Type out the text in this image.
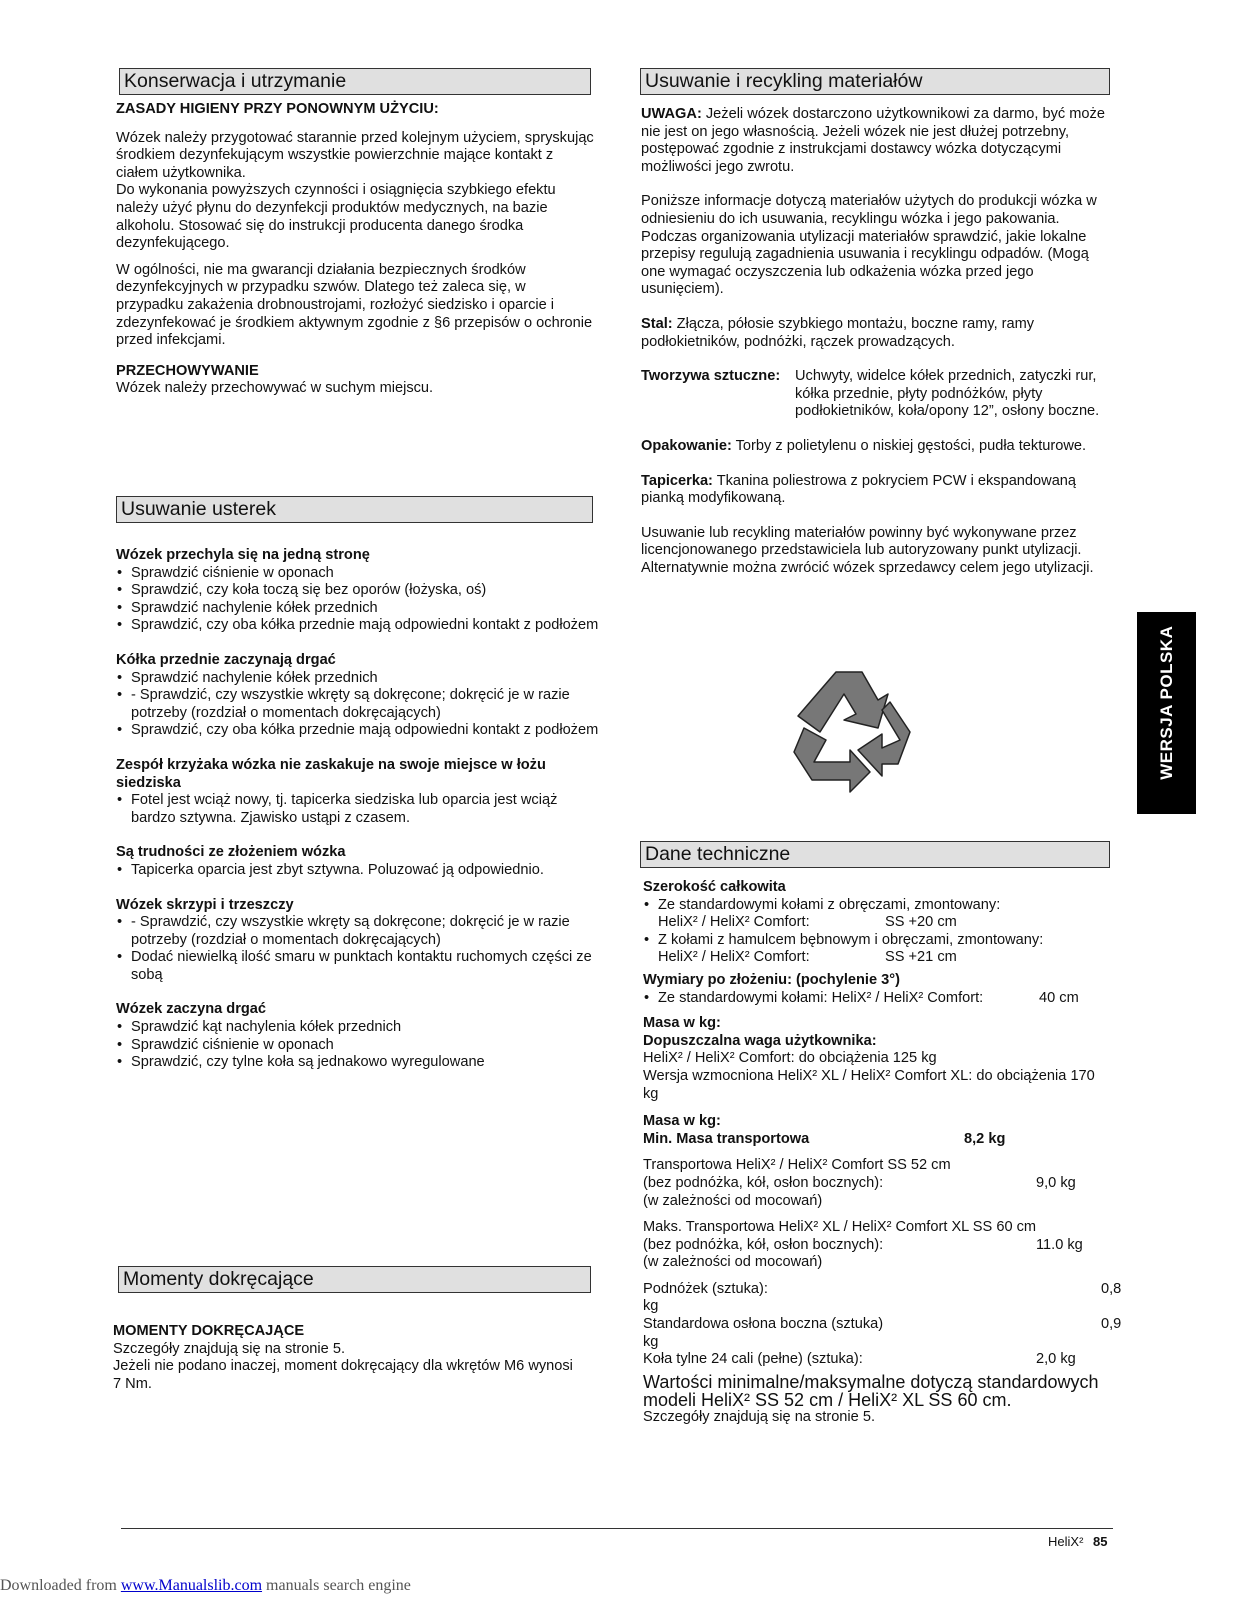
Konserwacja i utrzymanie

ZASADY HIGIENY PRZY PONOWNYM UŻYCIU:

Wózek należy przygotować starannie przed kolejnym użyciem, spryskując środkiem dezynfekującym wszystkie powierzchnie mające kontakt z ciałem użytkownika.

Do wykonania powyższych czynności i osiągnięcia szybkiego efektu należy użyć płynu do dezynfekcji produktów medycznych, na bazie alkoholu. Stosować się do instrukcji producenta danego środka dezynfekującego.

W ogólności, nie ma gwarancji działania bezpiecznych środków dezynfekcyjnych w przypadku szwów. Dlatego też zaleca się, w przypadku zakażenia drobnoustrojami, rozłożyć siedzisko i oparcie i zdezynfekować je środkiem aktywnym zgodnie z §6 przepisów o ochronie przed infekcjami.

PRZECHOWYWANIE

Wózek należy przechowywać w suchym miejscu.

Usuwanie usterek

Wózek przechyla się na jedną stronę

• Sprawdzić ciśnienie w oponach
• Sprawdzić, czy koła toczą się bez oporów (łożyska, oś)
• Sprawdzić nachylenie kółek przednich
• Sprawdzić, czy oba kółka przednie mają odpowiedni kontakt z podłożem

Kółka przednie zaczynają drgać

• Sprawdzić nachylenie kółek przednich
• - Sprawdzić, czy wszystkie wkręty są dokręcone; dokręcić je w razie potrzeby (rozdział o momentach dokręcających)
• Sprawdzić, czy oba kółka przednie mają odpowiedni kontakt z podłożem

Zespół krzyżaka wózka nie zaskakuje na swoje miejsce w łożu siedziska

• Fotel jest wciąż nowy, tj. tapicerka siedziska lub oparcia jest wciąż bardzo sztywna. Zjawisko ustąpi z czasem.

Są trudności ze złożeniem wózka

• Tapicerka oparcia jest zbyt sztywna. Poluzować ją odpowiednio.

Wózek skrzypi i trzeszczy

• - Sprawdzić, czy wszystkie wkręty są dokręcone; dokręcić je w razie potrzeby (rozdział o momentach dokręcających)
• Dodać niewielką ilość smaru w punktach kontaktu ruchomych części ze sobą

Wózek zaczyna drgać

• Sprawdzić kąt nachylenia kółek przednich
• Sprawdzić ciśnienie w oponach
• Sprawdzić, czy tylne koła są jednakowo wyregulowane
Momenty dokręcające

MOMENTY DOKRĘCAJĄCE

Szczegóły znajdują się na stronie 5.

Jeżeli nie podano inaczej, moment dokręcający dla wkrętów M6 wynosi 7 Nm.

Usuwanie i recykling materiałów

UWAGA: Jeżeli wózek dostarczono użytkownikowi za darmo, być może nie jest on jego własnością. Jeżeli wózek nie jest dłużej potrzebny, postępować zgodnie z instrukcjami dostawcy wózka dotyczącymi możliwości jego zwrotu.

Poniższe informacje dotyczą materiałów użytych do produkcji wózka w odniesieniu do ich usuwania, recyklingu wózka i jego pakowania. Podczas organizowania utylizacji materiałów sprawdzić, jakie lokalne przepisy regulują zagadnienia usuwania i recyklingu odpadów. (Mogą one wymagać oczyszczenia lub odkażenia wózka przed jego usunięciem).

Stal: Złącza, półosie szybkiego montażu, boczne ramy, ramy podłokietników, podnóżki, rączek prowadzących.

Tworzywa sztuczne:	Uchwyty, widelce kółek przednich, zatyczki rur, kółka przednie, płyty podnóżków, płyty podłokietników, koła/opony 12”, osłony boczne.

Opakowanie: Torby z polietylenu o niskiej gęstości, pudła tekturowe.

Tapicerka: Tkanina poliestrowa z pokryciem PCW i ekspandowaną pianką modyfikowaną.

Usuwanie lub recykling materiałów powinny być wykonywane przez licencjonowanego przedstawiciela lub autoryzowany punkt utylizacji. Alternatywnie można zwrócić wózek sprzedawcy celem jego utylizacji.

Dane techniczne

Szerokość całkowita

• Ze standardowymi kołami z obręczami, zmontowany:

HeliX² / HeliX² Comfort:	SS +20 cm
• Z kołami z hamulcem bębnowym i obręczami, zmontowany:

HeliX² / HeliX² Comfort:	SS +21 cm

Wymiary po złożeniu: (pochylenie 3°)

• Ze standardowymi kołami: HeliX² / HeliX² Comfort:	40 cm

Masa w kg:

Dopuszczalna waga użytkownika:

HeliX² / HeliX² Comfort: do obciążenia 125 kg

Wersja wzmocniona HeliX² XL / HeliX² Comfort XL: do obciążenia 170 kg

Masa w kg:

Min. Masa transportowa	8,2 kg

Transportowa HeliX² / HeliX² Comfort SS 52 cm

(bez podnóżka, kół, osłon bocznych):	9,0 kg

(w zależności od mocowań)

Maks. Transportowa HeliX² XL / HeliX² Comfort XL SS 60 cm

(bez podnóżka, kół, osłon bocznych):	11.0 kg

(w zależności od mocowań)

Podnóżek (sztuka):	0,8

kg

Standardowa osłona boczna (sztuka)	0,9

kg

Koła tylne 24 cali (pełne) (sztuka):	2,0 kg

Wartości minimalne/maksymalne dotyczą standardowych modeli HeliX² SS 52 cm / HeliX² XL SS 60 cm.

Szczegóły znajdują się na stronie 5.

WERSJA POLSKA
HeliX² 85
Downloaded from www.Manualslib.com manuals search engine
